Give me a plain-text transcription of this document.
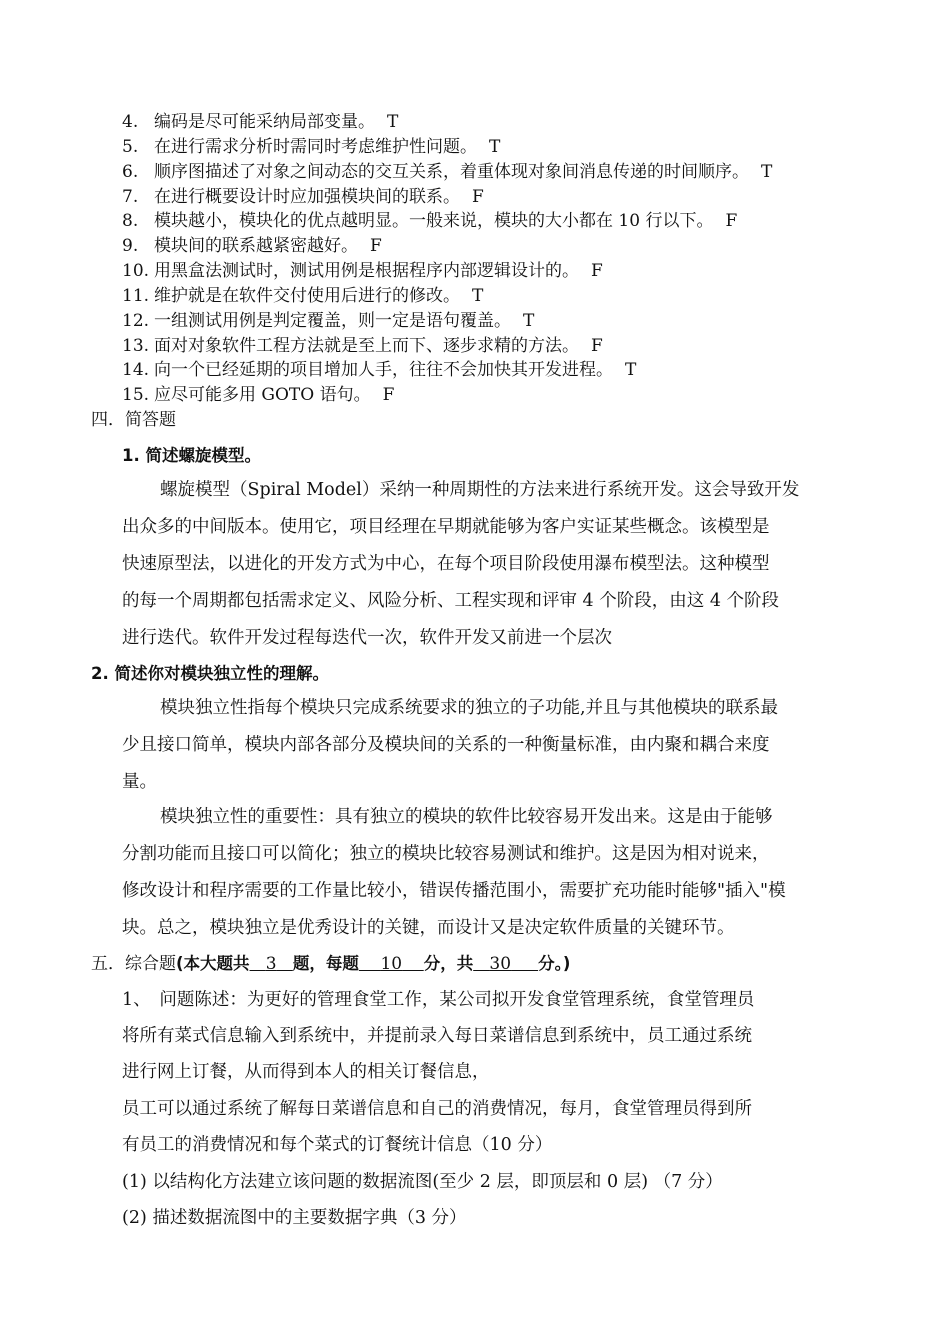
4. 编码是尽可能采纳局部变量。 T
5. 在进行需求分析时需同时考虑维护性问题。 T
6. 顺序图描述了对象之间动态的交互关系，着重体现对象间消息传递的时间顺序。 T
7. 在进行概要设计时应加强模块间的联系。 F
8. 模块越小，模块化的优点越明显。一般来说，模块的大小都在 10 行以下。 F
9. 模块间的联系越紧密越好。 F
10. 用黑盒法测试时，测试用例是根据程序内部逻辑设计的。 F
11. 维护就是在软件交付使用后进行的修改。 T
12. 一组测试用例是判定覆盖，则一定是语句覆盖。 T
13. 面对对象软件工程方法就是至上而下、逐步求精的方法。 F
14. 向一个已经延期的项目增加人手，往往不会加快其开发进程。 T
15. 应尽可能多用 GOTO 语句。 F
四．简答题
1. 简述螺旋模型。
螺旋模型（Spiral Model）采纳一种周期性的方法来进行系统开发。这会导致开发
出众多的中间版本。使用它，项目经理在早期就能够为客户实证某些概念。该模型是
快速原型法，以进化的开发方式为中心，在每个项目阶段使用瀑布模型法。这种模型
的每一个周期都包括需求定义、风险分析、工程实现和评审 4 个阶段，由这 4 个阶段
进行迭代。软件开发过程每迭代一次，软件开发又前进一个层次
2. 简述你对模块独立性的理解。
模块独立性指每个模块只完成系统要求的独立的子功能,并且与其他模块的联系最
少且接口简单，模块内部各部分及模块间的关系的一种衡量标准，由内聚和耦合来度
量。
模块独立性的重要性：具有独立的模块的软件比较容易开发出来。这是由于能够
分割功能而且接口可以简化；独立的模块比较容易测试和维护。这是因为相对说来，
修改设计和程序需要的工作量比较小，错误传播范围小，需要扩充功能时能够"插入"模
块。总之，模块独立是优秀设计的关键，而设计又是决定软件质量的关键环节。
五．综合题(本大题共 3 题，每题 10 分，共 30 分。)
1、　问题陈述：为更好的管理食堂工作，某公司拟开发食堂管理系统，食堂管理员
将所有菜式信息输入到系统中，并提前录入每日菜谱信息到系统中，员工通过系统
进行网上订餐，从而得到本人的相关订餐信息，
员工可以通过系统了解每日菜谱信息和自己的消费情况，每月，食堂管理员得到所
有员工的消费情况和每个菜式的订餐统计信息（10 分）
(1) 以结构化方法建立该问题的数据流图(至少 2 层，即顶层和 0 层) （7 分）
(2) 描述数据流图中的主要数据字典（3 分）
